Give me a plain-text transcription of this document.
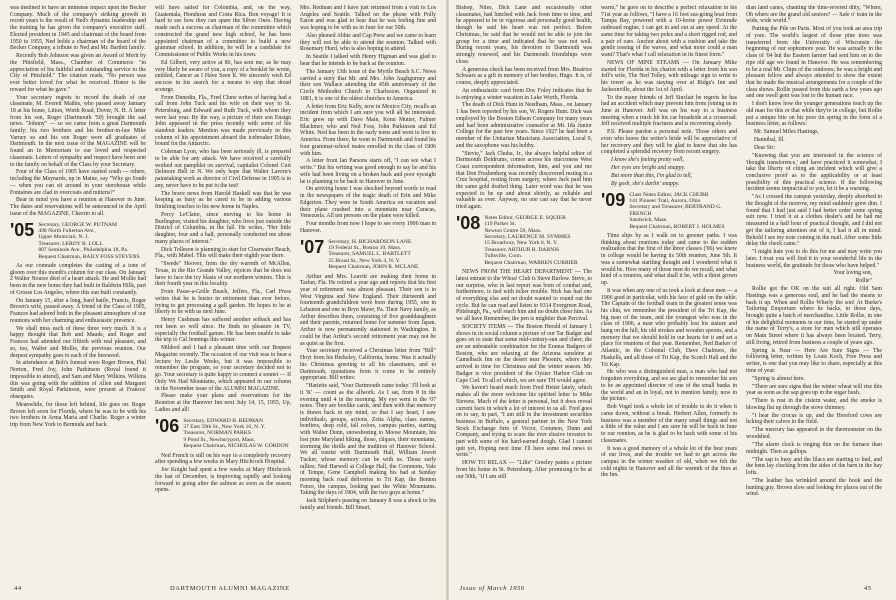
was destined to have an immense impact upon the Becker Company. Much of the company's striking growth in recent years is the result of Ned's dynamic leadership and the training he has given the company's executive staff. Elected president in 1945 and chairman of the board from 1950 to 1955, Ned holds a chairman of the board of the Becker Company, a tribute to Ned and Mr. Bartlett family.

Recently Bob Johnson was given an Award of Merit by the Pittsfield, Mass., Chamber of Commerce "in appreciation of his faithful and outstanding service to the City of Pittsfield." The citation reads, "No person was ever better loved for what he received. Honor is the reward for what he gave."

Your secretary regrets to record the death of our classmate, M. Everett Mathis, who passed away January 18 at his home, Litton, Worth Road, Dover, N. H. A letter from his son, Roger (Dartmouth '50) brought the sad news. "Johnny" — so we came from a great Dartmouth family; his two brothers and his brother-in-law Mike Varney so and his son Roger were all graduates of Dartmouth. In the next issue of the MAGAZINE will be found an In Memoriam to our loved and respected classmate. Letters of sympathy and respect have been sent to the family on behalf of the Class by your Secretary.

Four of the Class of 1905 have started south — others, including the Maynards, up in Maine, say "Why go South — when you can sit around in your storehouse while Fontaines are clad in overcoats and mittens?"

Bear in mind you have a reunion at Hanover in June. The dates and reservations will be announced in the April issue of the MAGAZINE. Cheerio to all.

'05 Secretary, GEORGE W. PUTNAM
498 North Fullerton Ave.,
Upper Montclair, N. J.
Treasurer, LEROY B. LOLL
807 Seminole Ave., Philadelphia 18, Pa.
Bequest Chairman, BAILY FOSS STEVENS

As our comrade completes the casting of a tone of gloom over this month's column for our class. On January 2 Walter Nourse died of a heart attack. He and Mollie had been in the new home they had built in Baldwin Hills, part of Grosse Los Angeles, where this sun built constantly.

On January 15, after a long, hard battle, Francis, Roger Brown's wife, passed away. A friend of the Class of 1905, Frances had adored both in the pleasant atmosphere of our reunions with her charming and enthusiastic presence.

We shall miss each of these three very much. It is a happy thought that Bob and Maude, and Roger and Frances had attended our fiftieth with real pleasure, and so, too, Walter and Mollie, the previous reunion. Our deepest sympathy goes to each of the bereaved.

In attendance at Bob's funeral were Roger Brown, Phil Norton, Fred Joy, John Parkinson (Royal found it impossible to attend), and Sam and Mary Wilkins. Wilkins this was going with the addition of Allen and Margaret Smith and Royal Parkinson, were present at Frances' obsequies.

Meanwhile, for those left behind, life goes on. Roger Brown left soon for Florida, where he was to be with his two brothers in Arma Maria and Charlie. Roger a winter trip from New York to Bermuda and back.

will have sailed for Colombia, and, on the way, Guatemala, Honduras and Costa Rica. Bon voyage! It is hard to see how they can spare the Silver Ones. Having made such a success as chairman of the committee which constructed the grand new high school, he has been appointed chairman of a committee to build a new grammar school. In addition, he will be a candidate for Commissioner of Public Works in his town.

Ed Gilbert, very active at 80, has sent me, as he may very likely be aware of you, a copy of a booklet he wrote, entitled, Cancer as I Have Seen It. We sincerely wish Ed success in his search for a means to stop that dread scourge.

From Dunedin, Fla., Fred Clune writes of having had a call from John Tuck and his wife on their way to St. Petersburg, and Edward and Ruth Tuck, with whom they were last year. By the way, a picture of their son Ensign John appeared in the press recently with some of his standout leaders. Mention was made previously in this column of his appointment aboard the icebreaker Edisto, bound for the Antarctic.

Coleman Lyon, who has been seriously ill, is prepared to be able for any attack. We have received a carefully worked out pamphlet on survival, capitalist Colonel Curt Delmore Bell in N. We only hope that Walter Lavern's painstaking work as director of Civil Defense in 1905 is in any, never have to be put to the test!

The brave news from Harold Haskell was that he was keeping as busy as he cared to be in adding various finishing touches to his new home in Naples.

Percy LeClaire, since moving to his home in Burlington, visited his daughter, who lives just outside the District of Columbia, in the fall. He writes, "Her little daughter, four and a half, personally conducted me about many places of interest."

Dick Tolleson is planning to start for Clearwater Beach, Fla., with Mabel. This will make their eighth year there.

"Swede" Hoover, from the dry warmth of McAllen, Texas, in the Rio Grande Valley, rejoices that he does not have to face the icy blasts of our northern winters. This is their fourth year in this locality.

From Passe-a-Grille Beach, Jeffers, Fla., Carl Press writes that he is busier in retirement than ever before, trying to get processing a gall garden. He hopes to be at liberty to be with us next June.

Henry Cushman has suffered another setback and has not been so well since. He finds no pleasure in TV, especially the football games. He has been unable to take the trip to Cal Jennings this winter.

Mildred and I had a pleasant time with our Bequest Magazine recently. The occasion of our visit was to hear a lecture by Leslie Weeks, but it was impossible to remember the program, so your secretary decided not to go. Your secretary is quite happy to connect a sonnet — If Only We Had Mountains, which appeared in our column in the November issue of the ALUMNI MAGAZINE.

Please make your plans and reservations for the Reunion at the Hanover Inn next July 14, 15, 1955, Up, Ladies and all!

'06 Secretary, EDWARD B. REDMAN
37 East 59th St., New York 16, N. Y.
Treasurer, NORMAN PARKS
9 Pond St., Newburyport, Mass.
Bequest Chairman, NICHOLAS W. GORDON

Ned French is still on his way to a completely recovery after spending a few weeks in Mary Hitchcock Hospital.

Joe Knight had spent a few weeks at Mary Hitchcock the last of December, is improving rapidly and looking forward to going after the salmon as soon as the season opens.

Mrs. Redman and I have just returned from a visit to Los Angeles and Seattle. Talked on the phone with Polly Eaton and was glad to hear that he was feeling fine and was hoping to be with us in June for our 50th.

Also phoned Abbie and Cap Prew and we came to learn they will not be able to attend the reunion. Talked with Rosemary Hurd, who is also hoping to attend.

In Seattle I talked with Henry Higman and was glad to hear that he intends to be back at the reunion.

The January 13th issue of the Myrtle Beach S.C. News carried a story that Mr. and Mrs. John Aughgurney and their son Wallace attending the 45th anniversary of the Circle Methodist Church in Charleston. Organized in 1881, it is one of the oldest churches in America.

A letter from Eric Kelly, now in Mexico City, recalls an incident from which I am sure you will all be interested. Eric grew up with Dave Main, Kenn Mutter, Fulmer Blackmer, who and Ned Foss, John Parkinson and Ed White. Ned has been in the early teens and went to live in America. From there, he went to Dartmouth and found his four grammar-school mates enrolled in the class of 1906 with him.

A letter from Ian Parsons starts off, "I can see what I write." But his writing was good enough to say he and his wife had been living on a broken back and poor eyesight he is planning to be back in Hanover in June.

On arriving home I was shocked beyond words to read in the newspapers of the tragic death of Erin and Mike Edgerton. They were in South America on vacation and their plane crashed into a mountain near Caracas, Venezuela. All ten persons on the plane were killed.

Four months from now I hope to see every 1906 man in Hanover.

'07 Secretary, H. RICHARDSON LANE
19 Federal St., Boston 10, Mass.
Treasurer, SAMUEL L. BARTLETT
25 Broad St., New York 4, N. Y.
Bequest Chairman, JOHN R. MCLANE

Arthur and Mrs. Leavitt are making their home in Tarlun, Fla. He retired a year ago and reports that his first year of retirement was almost pleasant. Their son is in West Virginia and New England. Their thirteenth and fourteenth grandchildren were born during 1955, one in Lebanon and one in Bryn Mawr, Pa. Their Navy family, as Arthur describes them, consisting of five granddaughters and their parents, returned home for summer from Japan. Arthur is now permanently stationed in Washington. It could be that Arthur's second retirement year may not be as quiet as the first.

Your secretary received a Christmas letter from "Bill" Hoyt from his Berkeley, California, home. Was it actually his Christmas greeting to all his classmates, and to Dartmouth, quotations from it come to be entirely appropriate. Bill writes:

"Hariette said, 'Your Dartmouth came today.' I'll look at it 'K' — count as the allwork. As I sat, from 8 in the evening until 4 in the morning. My eye went to the '07 notes. They are boxlike cards, and then with that memory is drawn back in my mind, so that I say heart, I saw individuals, groups, actions. Zetta Alpha, class names, bonfires, deep cold, fall colors, campus parties, starting with Walter Dunn, snowshoeing to Moose Mountain, his lost pine Maryland hiking, those, cliques, their mountains, storming the thrills and the tradition of Hanover School. We all tourist with Dartmouth Hall, William Jewett Tucker, whose memory can be with us. Those early rallies; Ned Harwell at College Hall, the Commons, Vale of Tempe, Gene Campbell making his bad at Sunday morning back road deliveries to Tri Kap, the Benton Fence, the campus, looking past the White Mountains. Taking the days of 1904, with the two guys at home."

Jack Stilphen's passing on January 8 was a shock to his family and friends. Bill Smart,

44	DARTMOUTH ALUMNI MAGAZINE

Bishop, Niles, Dick Lane and occasionally other classmates, had lunched with Jack from time to time, and he appeared to be in vigorous and personally good health, though he said his heart was not perfect. Before Christmas, he said that he would not be able to join the group for a time and indicated that he was not well. During recent years, his devotion to Dartmouth was strongly renewed, and his Dartmouth friendships were close.

A generous check has been received from Mrs. Beatrice Schwarz as a gift in memory of her brother, Hugo. It is, of course, deeply appreciated.

An enthusiastic card from Doc Foley indicates that he is enjoying a winter vacation in Lake Worth, Florida.

The death of Dick Hunt in Needham, Mass., on January 1 has been reported by his son, W. Rogers Hunt. Dick was employed by the Boston Edison Company for many years and had been administrative counselor at Mt. Ida Junior College for the past few years. Since 1927 he had been a member of the Unitarian Musicians Association, Local 9, and the saxophone was his hobby.

"Stevie," Jack Chuba, Jr., the always helpful editor of Dartmouth Doldrums, comes across his stucconess West Coast correspondent information, him, and you and me that Don Freshenberg was recently discovered resting in a Cruz hospital, resting from surgery, where Jack paid him the same gold drafted thing. Later word was that he was expected to be up and about shortly, as reliable and valuable as ever. Anyway, no one can say that he never tried again.

'08 Notes Editor, GEORGE E. SQUIER
119 Parker St.
Newton Centre 59, Mass.
Secretary, LAURENCE M. SYMMES
15 Broadway, New York 6, N. Y.
Treasurer, ARTHUR R. DARNIS
Tuftsville, Conn.
Bequest Chairman, WARREN CURRIER

NEWS FROM THE HEART DEPARTMENT — The latest entrant to the Whoa! Club is Steve Burlow. Steve, to our surprise, who in last report was born of combat and, furthermore, is tied with ticker trouble. Nick has had one of everything else and no doubt wanted to round out the cycle. But he can read and listen to 9314 Evergreen Road, Pittsburgh, Pa., will reach him and no doubt cheer him. As we all have Remember, the pen is mightier than Percival.

SOCIETY ITEMS — The Boston Herald of January 1 shows in its social column a picture of our Tar Badger and goes on to state that some mid-century-sun and cheer, die are an unbeatable combination for the Eranus Badgers of Boston, who are relaxing at the Arizona sunshine at Camelback Inn on the desert near Phoenix, where they arrived in time for Christmas and the winter season. Mr. Badger is vice president of the Oyster Harbor Club on Cape Cod. To all of which, we are sure TH would agree.

We haven't heard much from Fred Hetter lately, which makes all the more welcome his spirited letter to Mike Stevens. Much of the letter is personal, but it does reveal current facts in which a lot of interest to us all. Fred goes on to say, in part, "I am still in the investment securities business in Buffalo, a general partner in the New York Stock Exchange firm of Victor, Common, Dunn and Company, and trying to scare the ever elusive investor to part with some of his hard-earned dough. Glad I cannot quit yet, Hoping next time I'll have some real news to write."

HOW TO RELAX — "Lilie" Greeley paints a picture from his home in St. Petersburg. After promising to be at our 50th, "if I am still

warm," he goes on to describe a perfect relaxation in his 71st year as follows, "I have a 16 foot sea-going boat from Tampa Bay, powered with a 10-horse power Evinrude outboard engine, I can get in and out at any speed. At the same time for taking two poles and a short rigged rod, and a pair of oars. Anchor about with a cushion and take the gentle tossing of the waves, and what more could a man want? That's what I call relaxation in its finest form."

NEWS OF MINE STEAMS — On January Mike started for Florida in his chariot with a letter from his son Jeff's wife, The Ned Tolley, with mileage sign to write to his tower as he was staying over at Ridge's Inn and Jacksonville, about the 1st of April.

To the many friends of Jeff Sinclair he regrets he has had an accident which may prevent him from joining us in June at Hanover. Jeff was on his way to a business meeting when a truck hit his car broadside at a crossroad. Jeff received multiple fractures and is recovering slowly.

P.S. Please pardon a personal note. Those others and even who know the writer's bride will be appreciative of her recovery and they will be glad to know that she has completed a splendid recovery from recent surgery.

I know she's feeling pretty well,

Her eyes are bright and snappy.

But more than this, I'm glad to tell,

By gosh, she's darlin' snappy.

'09 Class Notes Editor, JACK CHUBB
141 Pioneer Trail, Aurora, Ohio
Secretary and Treasurer, BERTRAND G. FRENCH
Sandwich, Mass.
Bequest Chairman, ROBERT J. HOLMES

Time slips by as I walk on to greener paths. I was thinking about reunions today and came to the sudden realization that the first of the three classes ('06) we knew in college would be having its 50th reunion, June 5th. It was a somewhat startling thought and I wondered what it would be. How many of those men do we recall, and what kind of a reunion, and what shall it be, with a thirst grown up.

It was when any one of us took a look at these men — a 1906 grad in particular, with his face of gold on the table. The Captain of the football team in the greatest sense was his chin, we remember the president of the Tri Kap, the big man of the team, and the youngest who was in the class of 1906, a man who probably lost his stature and hung on the hill, his old strokes and wooden spoons, and a memory that we should hold in our hearts for it and set a place for reunions of that year. Remember, Ned Barker of Atlantic, in the Colonial Club, Dave Chalmers, the Haskells, and all those of Tri Kap, the Scotch Hall and the Tri Kap.

He who was a distinguished man, a man who had not forgotten everything, and we are glad to remember his son to be an appointed director of one of the small banks in the world and an in loyal, not to mention family, now in the picture.

Bob Vogel took a whole lot of trouble to do it when it came down, without a break. Herbert Allen, formerly in business was a member of the many small things and not a little of the value and I am sure he will be back in June to our reunion, as he is glad to be back with some of his classmates.

It was a good memory of a whole lot of the best years of our lives, and the trouble we had to get across the campus in the winter weather of old, when we felt the cold nights in Hanover and all the warmth of the fires at the Inn.

dian land canes, chanting the time-revered ditty, "Where, Oh where are the grand old seniors? — Safe o' train in the wide, wide world."

Putting the Pile on Paris. Most of you took an area trip of yore. The world's largest of those pine trees was transferred from the University of Wisconsin the beginning of our sophomore year. He was actually in the class of '04 but the Eastern farmer had sent him on to the ripe old age we found in Hanover. He was remembering to be a real Mr. Chips of the outdoors; he was a bright and pleasant fellow and always attended to show the extent that he made the musical arrangements for a couple of the class shows. Rollie passed from this earth a few years ago and one swell gent was lost to the human race.

I don't know how the younger generations touch up the old man for this or that while they're in college, but Rollie put a unique bite on his poor tin spring in the form of a business letter, as follows:

Mr. Samuel Miles Hastings,

Hannibal, Ill.

Dear Sir:

"Knowing that you are interested in the science of 'thought transference,' and have practiced it somewhat, I take the liberty of citing an incident which will give a conclusive proof as to the applicability or at least possibility of this practical science. If the following incident seems impractical to you, let it be a warning.

"As I crossed the campus yesterday, deeply absorbed in the thought of the morrow, my mind suddenly grew dim. I found that I had just said I had better order some spring suit now. I tried it at a clothes dealer's and he had me measured in a half hour of practical thought, and I did not get the tailoring attention out of it, I had it all in mind. Behold I see my note coming in the mail. After some little delay the check came."

"I might hate you to do this for me and may write you later. I trust you will find it to your wonderful life in the business world, the gratitude for those who have helped."

Your loving son,

Rollie"

Rollie got the OK on the suit all right. Old Sam Hastings was a generous soul, and he had the means to back it up. When and Rollie Wherly the son! At Burke's Tailoring Emporium where he backs, in those days, brought quite a batch of merchandise. Little Rollie, in one of his delightful moments in our time, he started up under the name of Terry's, a store for men which still operates on Main Street where it has always been located. Terry, still living, retired from business a couple of years ago.

Spring is Near — Here Are Sure Signs — The following letter, written by Louis Koch, Free Press and writer, is one that you may like to share, especially at this time of year:

"Spring is almost here.

"There are sure signs that the winter wheat will rise this year as soon as the sap goes up in the sugar bush.

"There is rust in the cistern water, and the smoke is blowing flat up through the stove chimney.

"I hear the crocus is up, and the Hereford cows are licking their calves in the field.

"The mercury has appeared in the thermometer on the woodshed.

"The alarm clock is ringing thin on the furnace than midnight. Then as gallops.

"The sap is busy and the lilacs are starting to bud, and the hens lay clucking from the sides of the barn in the hay lofts.

"The leather has wrinkled around the book and the hunting guy. Brown slow and looking for places out of the wind.

Issue of March 1956	45
